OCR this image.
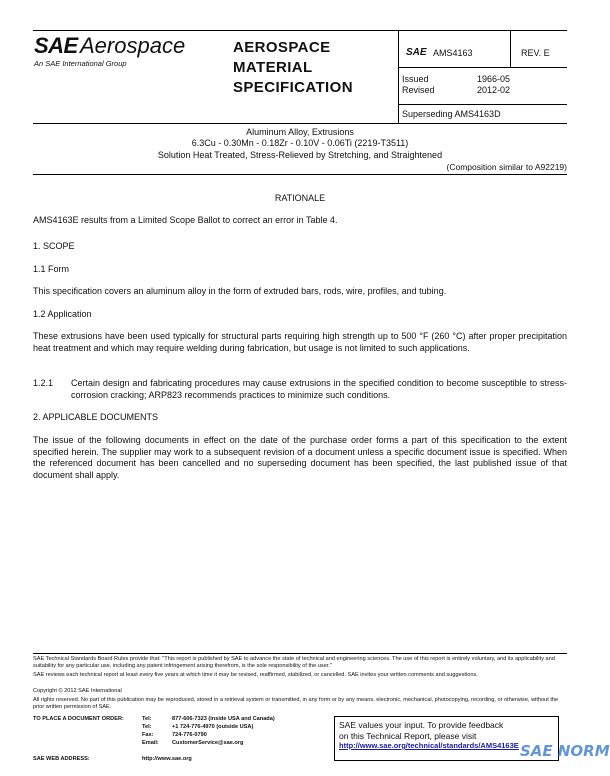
SAE Aerospace
An SAE International Group
AEROSPACE
MATERIAL
SPECIFICATION
SAE AMS4163	REV. E
Issued	1966-05
Revised	2012-02
Superseding AMS4163D
Aluminum Alloy, Extrusions
6.3Cu - 0.30Mn - 0.18Zr - 0.10V - 0.06Ti (2219-T3511)
Solution Heat Treated, Stress-Relieved by Stretching, and Straightened
(Composition similar to A92219)
RATIONALE
AMS4163E results from a Limited Scope Ballot to correct an error in Table 4.
1. SCOPE
1.1 Form
This specification covers an aluminum alloy in the form of extruded bars, rods, wire, profiles, and tubing.
1.2 Application
These extrusions have been used typically for structural parts requiring high strength up to 500 °F (260 °C) after proper precipitation heat treatment and which may require welding during fabrication, but usage is not limited to such applications.
1.2.1 Certain design and fabricating procedures may cause extrusions in the specified condition to become susceptible to stress-corrosion cracking; ARP823 recommends practices to minimize such conditions.
2. APPLICABLE DOCUMENTS
The issue of the following documents in effect on the date of the purchase order forms a part of this specification to the extent specified herein. The supplier may work to a subsequent revision of a document unless a specific document issue is specified. When the referenced document has been cancelled and no superseding document has been specified, the last published issue of that document shall apply.
SAE Technical Standards Board Rules provide that: "This report is published by SAE to advance the state of technical and engineering sciences. The use of this report is entirely voluntary, and its applicability and suitability for any particular use, including any patent infringement arising therefrom, is the sole responsibility of the user."
SAE reviews each technical report at least every five years at which time it may be revised, reaffirmed, stabilized, or cancelled. SAE invites your written comments and suggestions.
Copyright © 2012 SAE International
All rights reserved. No part of this publication may be reproduced, stored in a retrieval system or transmitted, in any form or by any means, electronic, mechanical, photocopying, recording, or otherwise, without the prior written permission of SAE.
TO PLACE A DOCUMENT ORDER:	Tel:	877-606-7323 (inside USA and Canada)
Tel:	+1 724-776-4970 (outside USA)
Fax:	724-776-0790
Email: CustomerService@sae.org
SAE WEB ADDRESS:	http://www.sae.org
SAE values your input. To provide feedback
on this Technical Report, please visit
http://www.sae.org/technical/standards/AMS4163E SAE NORM
